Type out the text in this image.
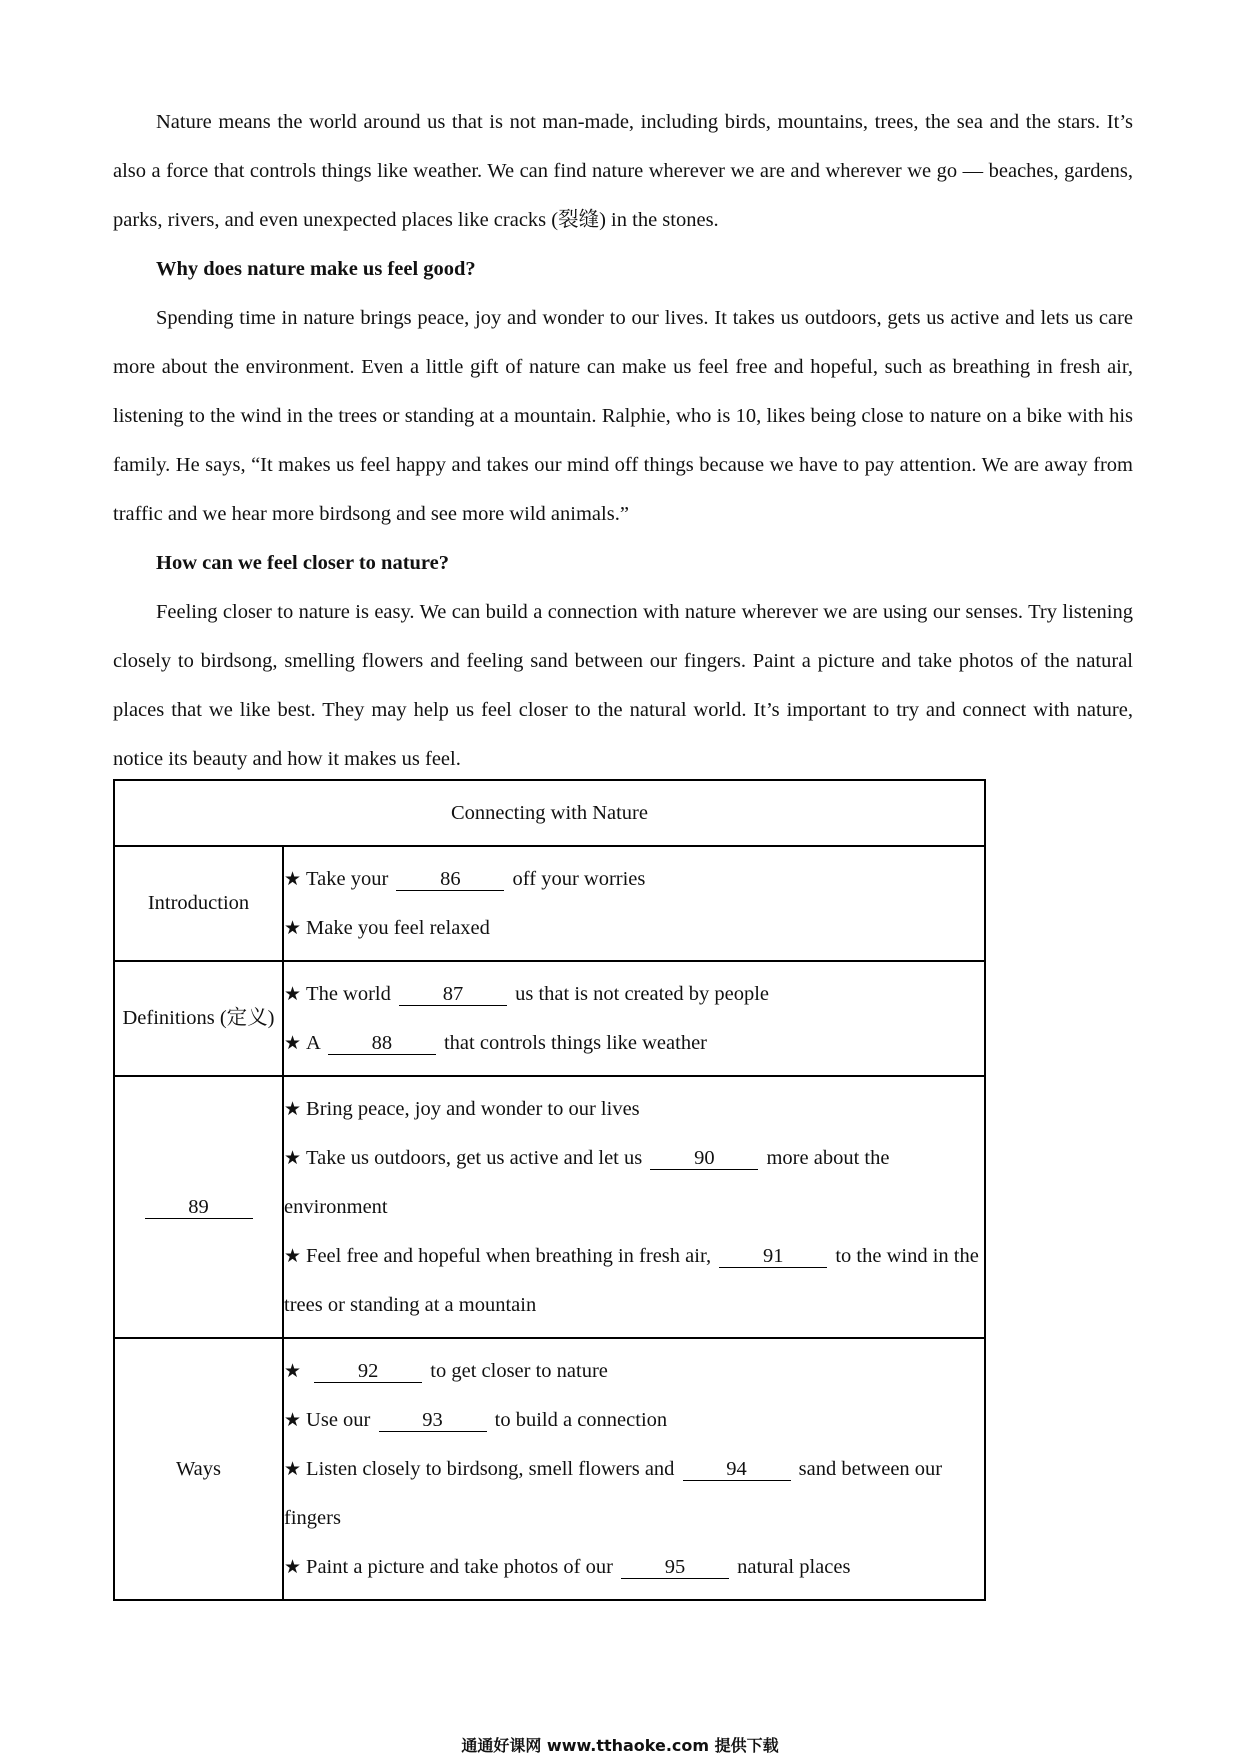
Nature means the world around us that is not man-made, including birds, mountains, trees, the sea and the stars. It’s also a force that controls things like weather. We can find nature wherever we are and wherever we go — beaches, gardens, parks, rivers, and even unexpected places like cracks (裂缝) in the stones.

Why does nature make us feel good?

Spending time in nature brings peace, joy and wonder to our lives. It takes us outdoors, gets us active and lets us care more about the environment. Even a little gift of nature can make us feel free and hopeful, such as breathing in fresh air, listening to the wind in the trees or standing at a mountain. Ralphie, who is 10, likes being close to nature on a bike with his family. He says, “It makes us feel happy and takes our mind off things because we have to pay attention. We are away from traffic and we hear more birdsong and see more wild animals.”

How can we feel closer to nature?

Feeling closer to nature is easy. We can build a connection with nature wherever we are using our senses. Try listening closely to birdsong, smelling flowers and feeling sand between our fingers. Paint a picture and take photos of the natural places that we like best. They may help us feel closer to the natural world. It’s important to try and connect with nature, notice its beauty and how it makes us feel.

Connecting with Nature	
Introduction	★ Take your 86 off your worries
★ Make you feel relaxed

Definitions (定义)	★ The world 87 us that is not created by people
★ A 88 that controls things like weather

89	★ Bring peace, joy and wonder to our lives
★ Take us outdoors, get us active and let us 90 more about the environment
★ Feel free and hopeful when breathing in fresh air, 91 to the wind in the trees or standing at a mountain

Ways	★ 92 to get closer to nature
★ Use our 93 to build a connection
★ Listen closely to birdsong, smell flowers and 94 sand between our fingers
★ Paint a picture and take photos of our 95 natural places
通通好课网 www.tthaoke.com 提供下载
